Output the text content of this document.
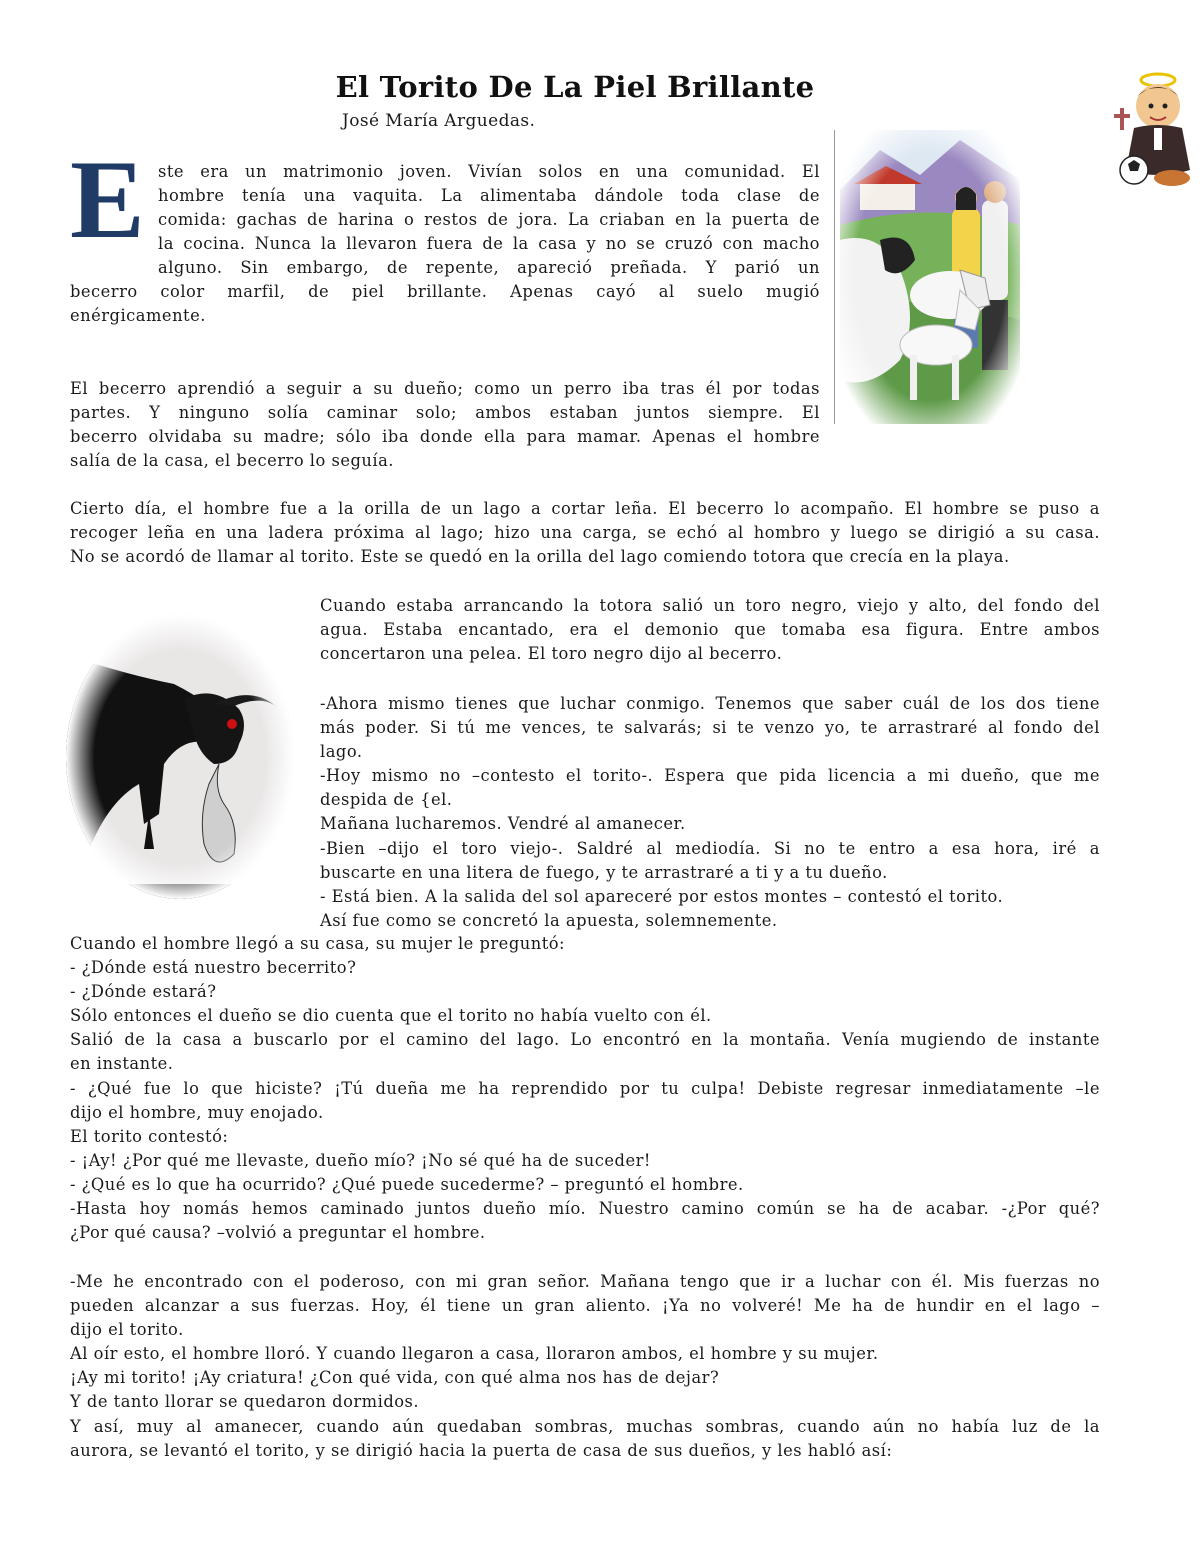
El Torito De La Piel Brillante
José María Arguedas.
E ste era un matrimonio joven. Vivían solos en una comunidad. El

hombre tenía una vaquita. La alimentaba dándole toda clase de

comida: gachas de harina o restos de jora. La criaban en la puerta de

la cocina. Nunca la llevaron fuera de la casa y no se cruzó con macho

alguno. Sin embargo, de repente, apareció preñada. Y parió un

becerro color marfil, de piel brillante. Apenas cayó al suelo mugió

enérgicamente.

El becerro aprendió a seguir a su dueño; como un perro iba tras él por todas

partes. Y ninguno solía caminar solo; ambos estaban juntos siempre. El

becerro olvidaba su madre; sólo iba donde ella para mamar. Apenas el hombre

salía de la casa, el becerro lo seguía.

Cierto día, el hombre fue a la orilla de un lago a cortar leña. El becerro lo acompaño. El hombre se puso a

recoger leña en una ladera próxima al lago; hizo una carga, se echó al hombro y luego se dirigió a su casa.

No se acordó de llamar al torito. Este se quedó en la orilla del lago comiendo totora que crecía en la playa.

Cuando estaba arrancando la totora salió un toro negro, viejo y alto, del fondo del

agua. Estaba encantado, era el demonio que tomaba esa figura. Entre ambos

concertaron una pelea. El toro negro dijo al becerro.

-Ahora mismo tienes que luchar conmigo. Tenemos que saber cuál de los dos tiene

más poder. Si tú me vences, te salvarás; si te venzo yo, te arrastraré al fondo del

lago.

-Hoy mismo no –contesto el torito-. Espera que pida licencia a mi dueño, que me

despida de {el.

Mañana lucharemos. Vendré al amanecer.

-Bien –dijo el toro viejo-. Saldré al mediodía. Si no te entro a esa hora, iré a

buscarte en una litera de fuego, y te arrastraré a ti y a tu dueño.

- Está bien. A la salida del sol apareceré por estos montes – contestó el torito.

Así fue como se concretó la apuesta, solemnemente.

Cuando el hombre llegó a su casa, su mujer le preguntó:

- ¿Dónde está nuestro becerrito?

- ¿Dónde estará?

Sólo entonces el dueño se dio cuenta que el torito no había vuelto con él.

Salió de la casa a buscarlo por el camino del lago. Lo encontró en la montaña. Venía mugiendo de instante

en instante.

- ¿Qué fue lo que hiciste? ¡Tú dueña me ha reprendido por tu culpa! Debiste regresar inmediatamente –le

dijo el hombre, muy enojado.

El torito contestó:

- ¡Ay! ¿Por qué me llevaste, dueño mío? ¡No sé qué ha de suceder!

- ¿Qué es lo que ha ocurrido? ¿Qué puede sucederme? – preguntó el hombre.

-Hasta hoy nomás hemos caminado juntos dueño mío. Nuestro camino común se ha de acabar. -¿Por qué?

¿Por qué causa? –volvió a preguntar el hombre.

-Me he encontrado con el poderoso, con mi gran señor. Mañana tengo que ir a luchar con él. Mis fuerzas no

pueden alcanzar a sus fuerzas. Hoy, él tiene un gran aliento. ¡Ya no volveré! Me ha de hundir en el lago –

dijo el torito.

Al oír esto, el hombre lloró. Y cuando llegaron a casa, lloraron ambos, el hombre y su mujer.

¡Ay mi torito! ¡Ay criatura! ¿Con qué vida, con qué alma nos has de dejar?

Y de tanto llorar se quedaron dormidos.

Y así, muy al amanecer, cuando aún quedaban sombras, muchas sombras, cuando aún no había luz de la

aurora, se levantó el torito, y se dirigió hacia la puerta de casa de sus dueños, y les habló así:
